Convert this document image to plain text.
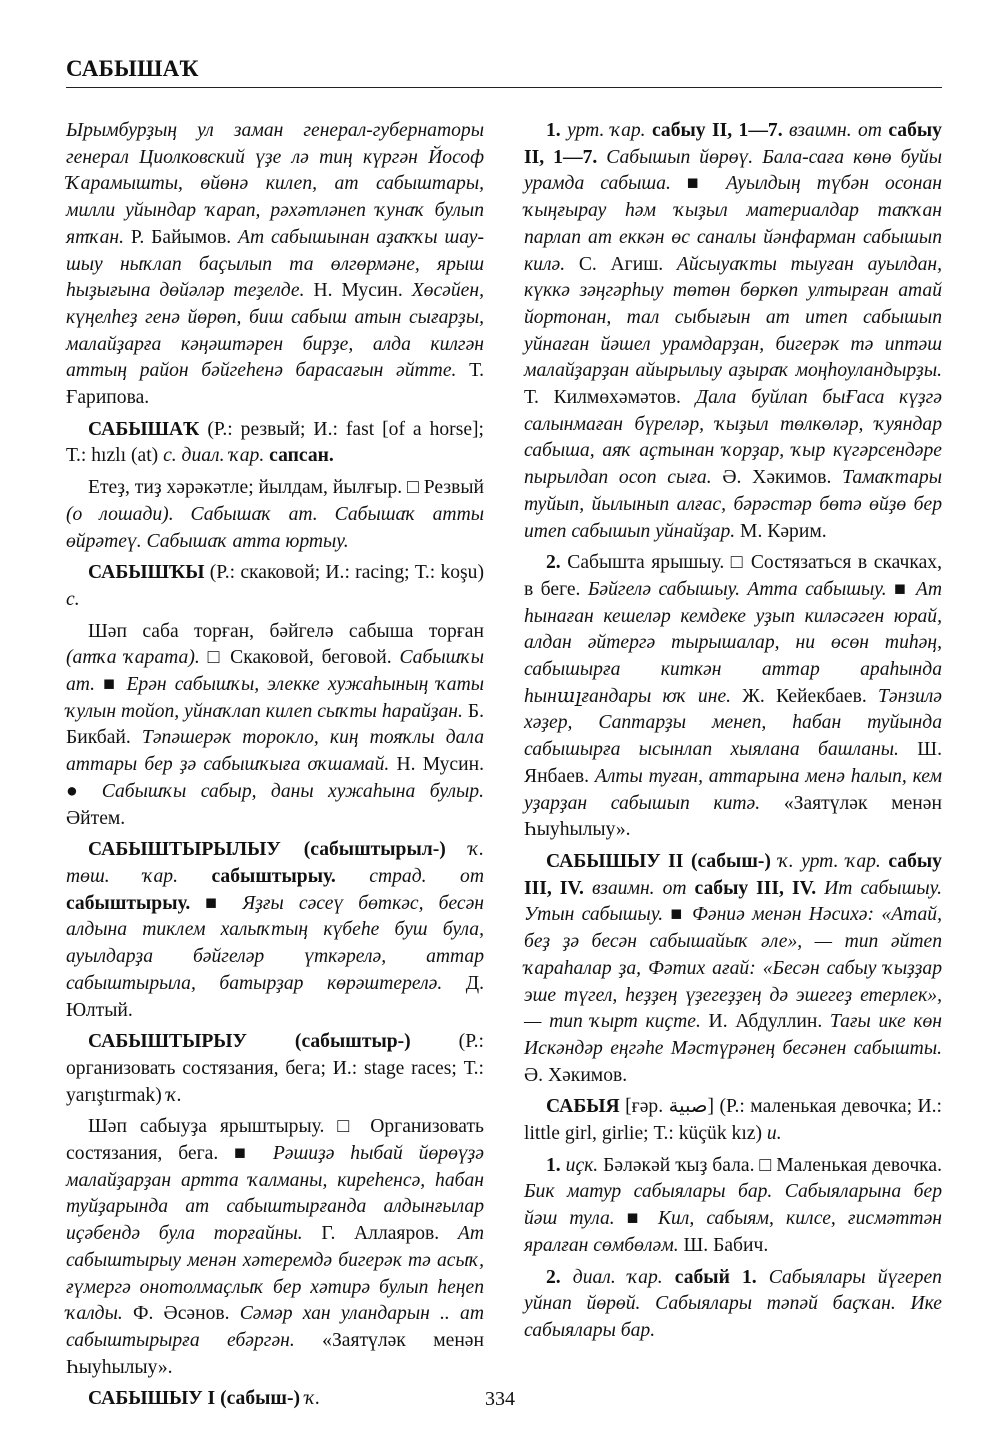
САБЫШАҠ

Ырымбурҙың ул заман генерал-губернаторы генерал Циолковский үҙе лә тиң күргән Йософ Ҡарамышты, өйөнә килеп, ат сабыштары, милли уйындар ҡарап, рәхәтләнеп ҡунаҡ булып ятҡан. Р. Байымов. Ат сабышынан аҙаҡҡы шау-шыу ныҡлап баҫылып та өлгөрмәне, ярыш һыҙығына дөйәләр теҙелде. Н. Мусин. Хөсәйен, күңелһеҙ генә йөрөп, биш сабыш атын сығарҙы, малайҙарға кәңәштәрен бирҙе, алда килгән аттың район бәйгеһенә барасағын әйтте. Т. Ғарипова.

САБЫШАҠ (Р.: резвый; И.: fast [of a horse]; Т.: hızlı (at) с. диал. ҡар. сапсан.

Етеҙ, тиҙ хәрәкәтле; йылдам, йылғыр. □ Резвый (о лошади). Сабышаҡ ат. Сабышаҡ атты өйрәтеү. Сабышаҡ атта юртыу.

САБЫШҠЫ (Р.: скаковой; И.: racing; Т.: koşu) с.

Шәп саба торған, бәйгелә сабыша торған (атҡа ҡарата). □ Скаковой, беговой. Сабышҡы ат. ■ Ерән сабышҡы, элекке хужаһының ҡаты ҡулын тойоп, уйнаҡлап килеп сыҡты һарайҙан. Б. Бикбай. Тәпәшерәк торокло, киң тояҡлы дала аттары бер ҙә сабышҡыға оҡшамай. Н. Мусин. ● Сабышҡы сабыр, даны хужаһына булыр. Әйтем.

САБЫШТЫРЫЛЫУ (сабыштырыл-) ҡ. төш. ҡар. сабыштырыу. страд. от сабыштырыу. ■ Яҙғы сәсеү бөткәс, бесән алдына тиклем халыҡтың күбеһе буш була, ауылдарҙа бәйгеләр үткәрелә, аттар сабыштырыла, батырҙар көрәштерелә. Д. Юлтый.

САБЫШТЫРЫУ (сабыштыр-) (Р.: организовать состязания, бега; И.: stage races; Т.: yarıştırmak) ҡ.

Шәп сабыуҙа ярыштырыу. □ Организовать состязания, бега. ■ Рәшиҙә һыбай йөрөүҙә малайҙарҙан артта ҡалманы, киреһенсә, һабан туйҙарында ат сабыштырғанда алдынғылар иҫәбендә була торғайны. Г. Аллаяров. Ат сабыштырыу менән хәтеремдә бигерәк тә асыҡ, ғүмергә онотолмаҫлыҡ бер хәтирә булып һеңеп ҡалды. Ф. Әсәнов. Сәмәр хан уландарын .. ат сабыштырырға ебәргән. «Заятүләк менән Һыуһылыу».

САБЫШЫУ I (сабыш-) ҡ.

1. урт. ҡар. сабыу II, 1—7. взаимн. от сабыу II, 1—7. Сабышып йөрөү. Бала-саға көнө буйы урамда сабыша. ■ Ауылдың түбән осонан ҡыңғырау һәм ҡыҙыл материалдар таҡҡан парлап ат еккән өс саналы йәнфарман сабышып килә. С. Агиш. Айсыуаҡты тыуған ауылдан, күккә зәңгәрһыу төтөн бөркөп ултырған атай йортонан, тал сыбығын ат итеп сабышып уйнаған йәшел урамдарҙан, бигерәк тә иптәш малайҙарҙан айырылыу аҙыраҡ моңһоуландырҙы. Т. Килмөхәмәтов. Дала буйлап быҒаса күҙгә салынмаған бүреләр, ҡыҙыл төлкөләр, ҡуяндар сабыша, аяҡ аҫтынан ҡорҙар, ҡыр күгәрсендәре пырылдап осоп сыға. Ә. Хәкимов. Тамаҡтары туйып, йылынып алғас, бәрәстәр бөтә өйҙө бер итеп сабышып уйнайҙар. М. Кәрим.

2. Сабышта ярышыу. □ Состязаться в скачках, в беге. Бәйгелә сабышыу. Атта сабышыу. ■ Ат һынаған кешеләр кемдеке уҙып киләсәген юрай, алдан әйтергә тырышалар, ни өсөн тиһәң, сабышырға киткән аттар араһында һынալғандары юҡ ине. Ж. Кейекбаев. Тәнзилә хәҙер, Саптарҙы менеп, һабан туйында сабышырға ысынлап хыялана башланы. Ш. Янбаев. Алты туған, аттарына менә һалып, кем уҙарҙан сабышып китә. «Заятүләк менән Һыуһылыу».

САБЫШЫУ II (сабыш-) ҡ. урт. ҡар. сабыу III, IV. взаимн. от сабыу III, IV. Ит сабышыу. Утын сабышыу. ■ Фәниә менән Нәсихә: «Атай, беҙ ҙә бесән сабышайыҡ әле», — тип әйтеп ҡараһалар ҙа, Фәтих ағай: «Бесән сабыу ҡыҙҙар эше түгел, һеҙҙең үҙегеҙҙең дә эшегеҙ етерлек», — тип ҡырт киҫте. И. Абдуллин. Тағы ике көн Искәндәр еңгәһе Мәстүрәнең бесәнен сабышты. Ә. Хәкимов.

САБЫЯ [ғәр. صبية] (Р.: маленькая девочка; И.: little girl, girlie; Т.: küçük kız) и.

1. иҫк. Бәләкәй ҡыҙ бала. □ Маленькая девочка. Бик матур сабыялары бар. Сабыяларына бер йәш тула. ■ Кил, сабыям, килсе, ғисмәттән яралған сөмбөләм. Ш. Бабич.

2. диал. ҡар. сабый 1. Сабыялары йүгереп уйнап йөрөй. Сабыялары тәпәй баҫҡан. Ике сабыялары бар.

334
